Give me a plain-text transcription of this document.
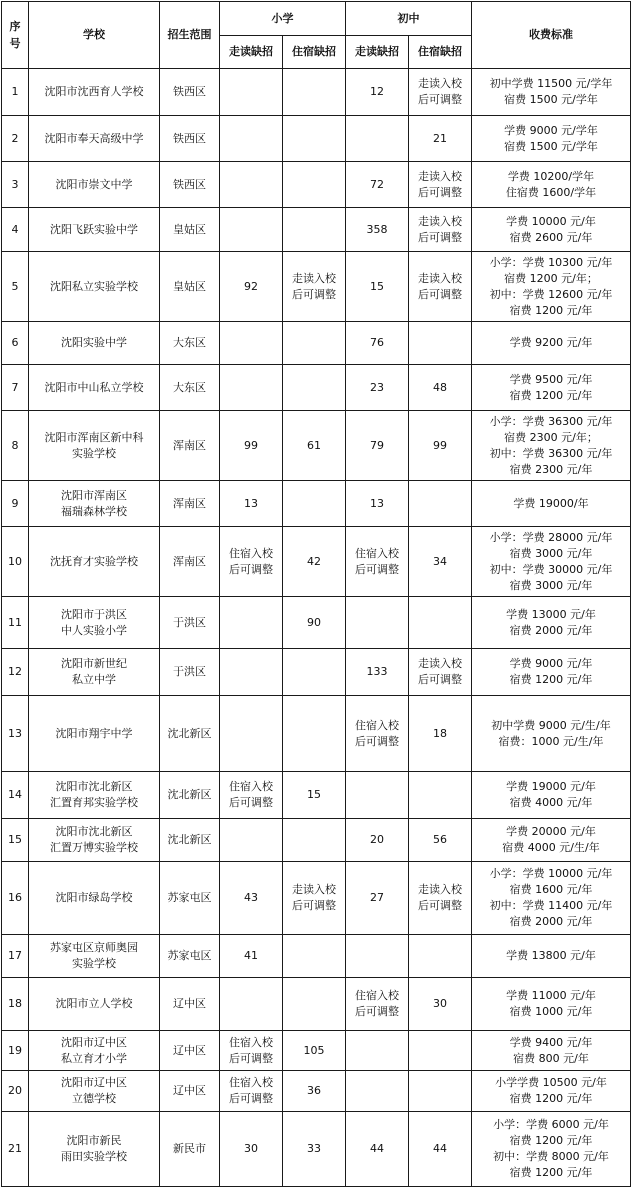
序号	学校	招生范围	小学		初中		收费标准
			走读缺招	住宿缺招	走读缺招	住宿缺招	
1	沈阳市沈西育人学校	铁西区			12	走读入校
后可调整	初中学费 11500 元/学年
宿费 1500 元/学年
2	沈阳市奉天高级中学	铁西区				21	学费 9000 元/学年
宿费 1500 元/学年
3	沈阳市崇文中学	铁西区			72	走读入校
后可调整	学费 10200/学年
住宿费 1600/学年
4	沈阳飞跃实验中学	皇姑区			358	走读入校
后可调整	学费 10000 元/年
宿费 2600 元/年
5	沈阳私立实验学校	皇姑区	92	走读入校
后可调整	15	走读入校
后可调整	小学：学费 10300 元/年
宿费 1200 元/年；
初中：学费 12600 元/年
宿费 1200 元/年
6	沈阳实验中学	大东区			76		学费 9200 元/年
7	沈阳市中山私立学校	大东区			23	48	学费 9500 元/年
宿费 1200 元/年
8	沈阳市浑南区新中科
实验学校	浑南区	99	61	79	99	小学：学费 36300 元/年
宿费 2300 元/年；
初中：学费 36300 元/年
宿费 2300 元/年
9	沈阳市浑南区
福瑞森林学校	浑南区	13		13		学费 19000/年
10	沈抚育才实验学校	浑南区	住宿入校
后可调整	42	住宿入校
后可调整	34	小学：学费 28000 元/年
宿费 3000 元/年
初中：学费 30000 元/年
宿费 3000 元/年
11	沈阳市于洪区
中人实验小学	于洪区		90			学费 13000 元/年
宿费 2000 元/年
12	沈阳市新世纪
私立中学	于洪区			133	走读入校
后可调整	学费 9000 元/年
宿费 1200 元/年
13	沈阳市翔宇中学	沈北新区			住宿入校
后可调整	18	初中学费 9000 元/生/年
宿费：1000 元/生/年
14	沈阳市沈北新区
汇置育邦实验学校	沈北新区	住宿入校
后可调整	15			学费 19000 元/年
宿费 4000 元/年
15	沈阳市沈北新区
汇置万博实验学校	沈北新区			20	56	学费 20000 元/年
宿费 4000 元/生/年
16	沈阳市绿岛学校	苏家屯区	43	走读入校
后可调整	27	走读入校
后可调整	小学：学费 10000 元/年
宿费 1600 元/年
初中：学费 11400 元/年
宿费 2000 元/年
17	苏家屯区京师奥园
实验学校	苏家屯区	41				学费 13800 元/年
18	沈阳市立人学校	辽中区			住宿入校
后可调整	30	学费 11000 元/年
宿费 1000 元/年
19	沈阳市辽中区
私立育才小学	辽中区	住宿入校
后可调整	105			学费 9400 元/年
宿费 800 元/年
20	沈阳市辽中区
立德学校	辽中区	住宿入校
后可调整	36			小学学费 10500 元/年
宿费 1200 元/年
21	沈阳市新民
雨田实验学校	新民市	30	33	44	44	小学：学费 6000 元/年
宿费 1200 元/年
初中：学费 8000 元/年
宿费 1200 元/年
